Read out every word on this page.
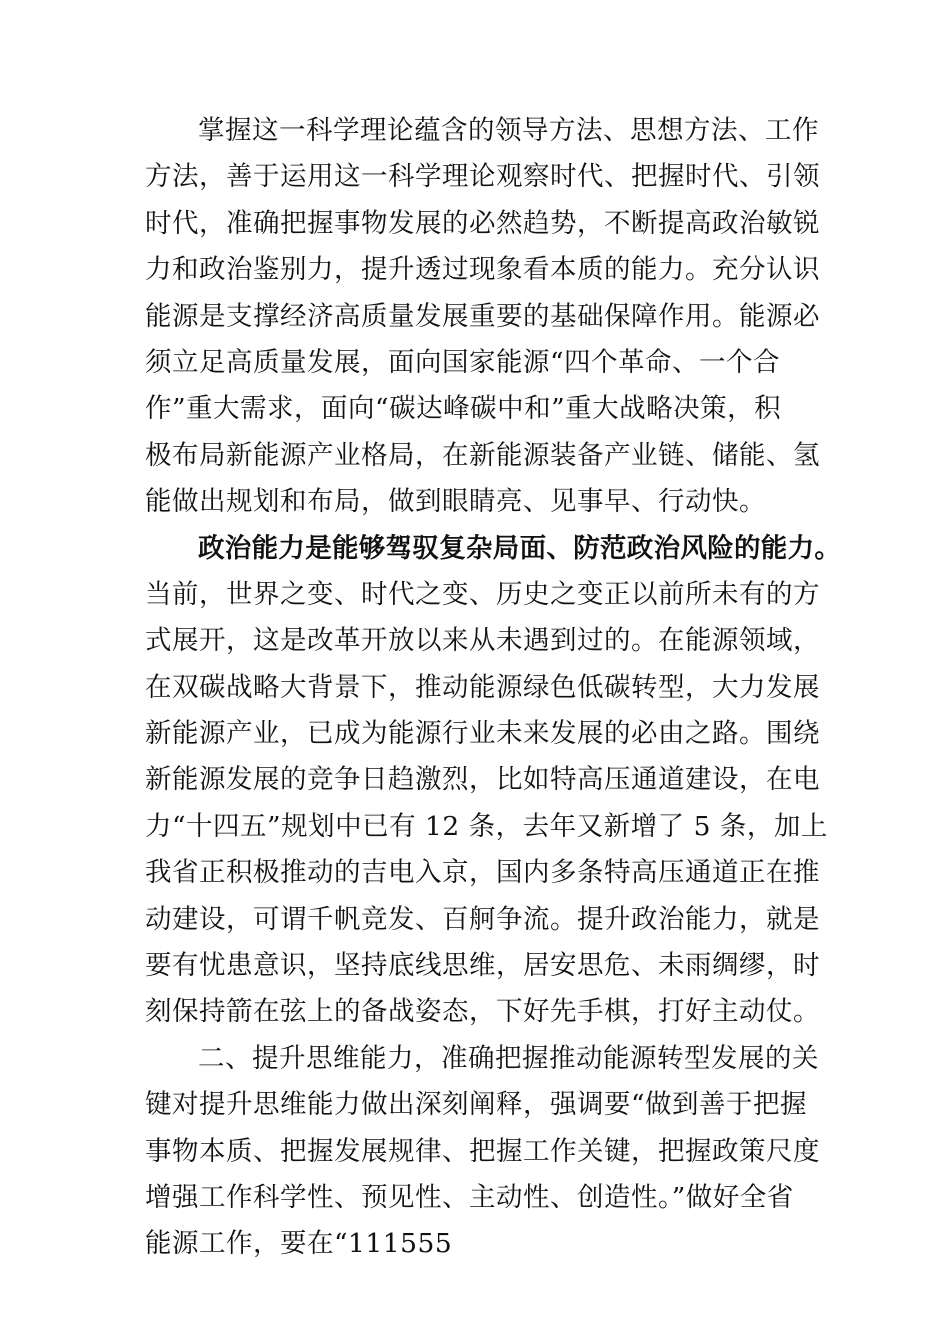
掌握这一科学理论蕴含的领导方法、思想方法、工作
方法，善于运用这一科学理论观察时代、把握时代、引领
时代，准确把握事物发展的必然趋势，不断提高政治敏锐
力和政治鉴别力，提升透过现象看本质的能力。充分认识
能源是支撑经济高质量发展重要的基础保障作用。能源必
须立足高质量发展，面向国家能源“四个革命、一个合
作”重大需求，面向“碳达峰碳中和”重大战略决策，积
极布局新能源产业格局，在新能源装备产业链、储能、氢
能做出规划和布局，做到眼睛亮、见事早、行动快。
政治能力是能够驾驭复杂局面、防范政治风险的能力。
当前，世界之变、时代之变、历史之变正以前所未有的方
式展开，这是改革开放以来从未遇到过的。在能源领域，
在双碳战略大背景下，推动能源绿色低碳转型，大力发展
新能源产业，已成为能源行业未来发展的必由之路。围绕
新能源发展的竞争日趋激烈，比如特高压通道建设，在电
力“十四五”规划中已有 12 条，去年又新增了 5 条，加上
我省正积极推动的吉电入京，国内多条特高压通道正在推
动建设，可谓千帆竞发、百舸争流。提升政治能力，就是
要有忧患意识，坚持底线思维，居安思危、未雨绸缪，时
刻保持箭在弦上的备战姿态，下好先手棋，打好主动仗。
二、提升思维能力，准确把握推动能源转型发展的关
键对提升思维能力做出深刻阐释，强调要“做到善于把握
事物本质、把握发展规律、把握工作关键，把握政策尺度
增强工作科学性、预见性、主动性、创造性。”做好全省
能源工作，要在“111555
